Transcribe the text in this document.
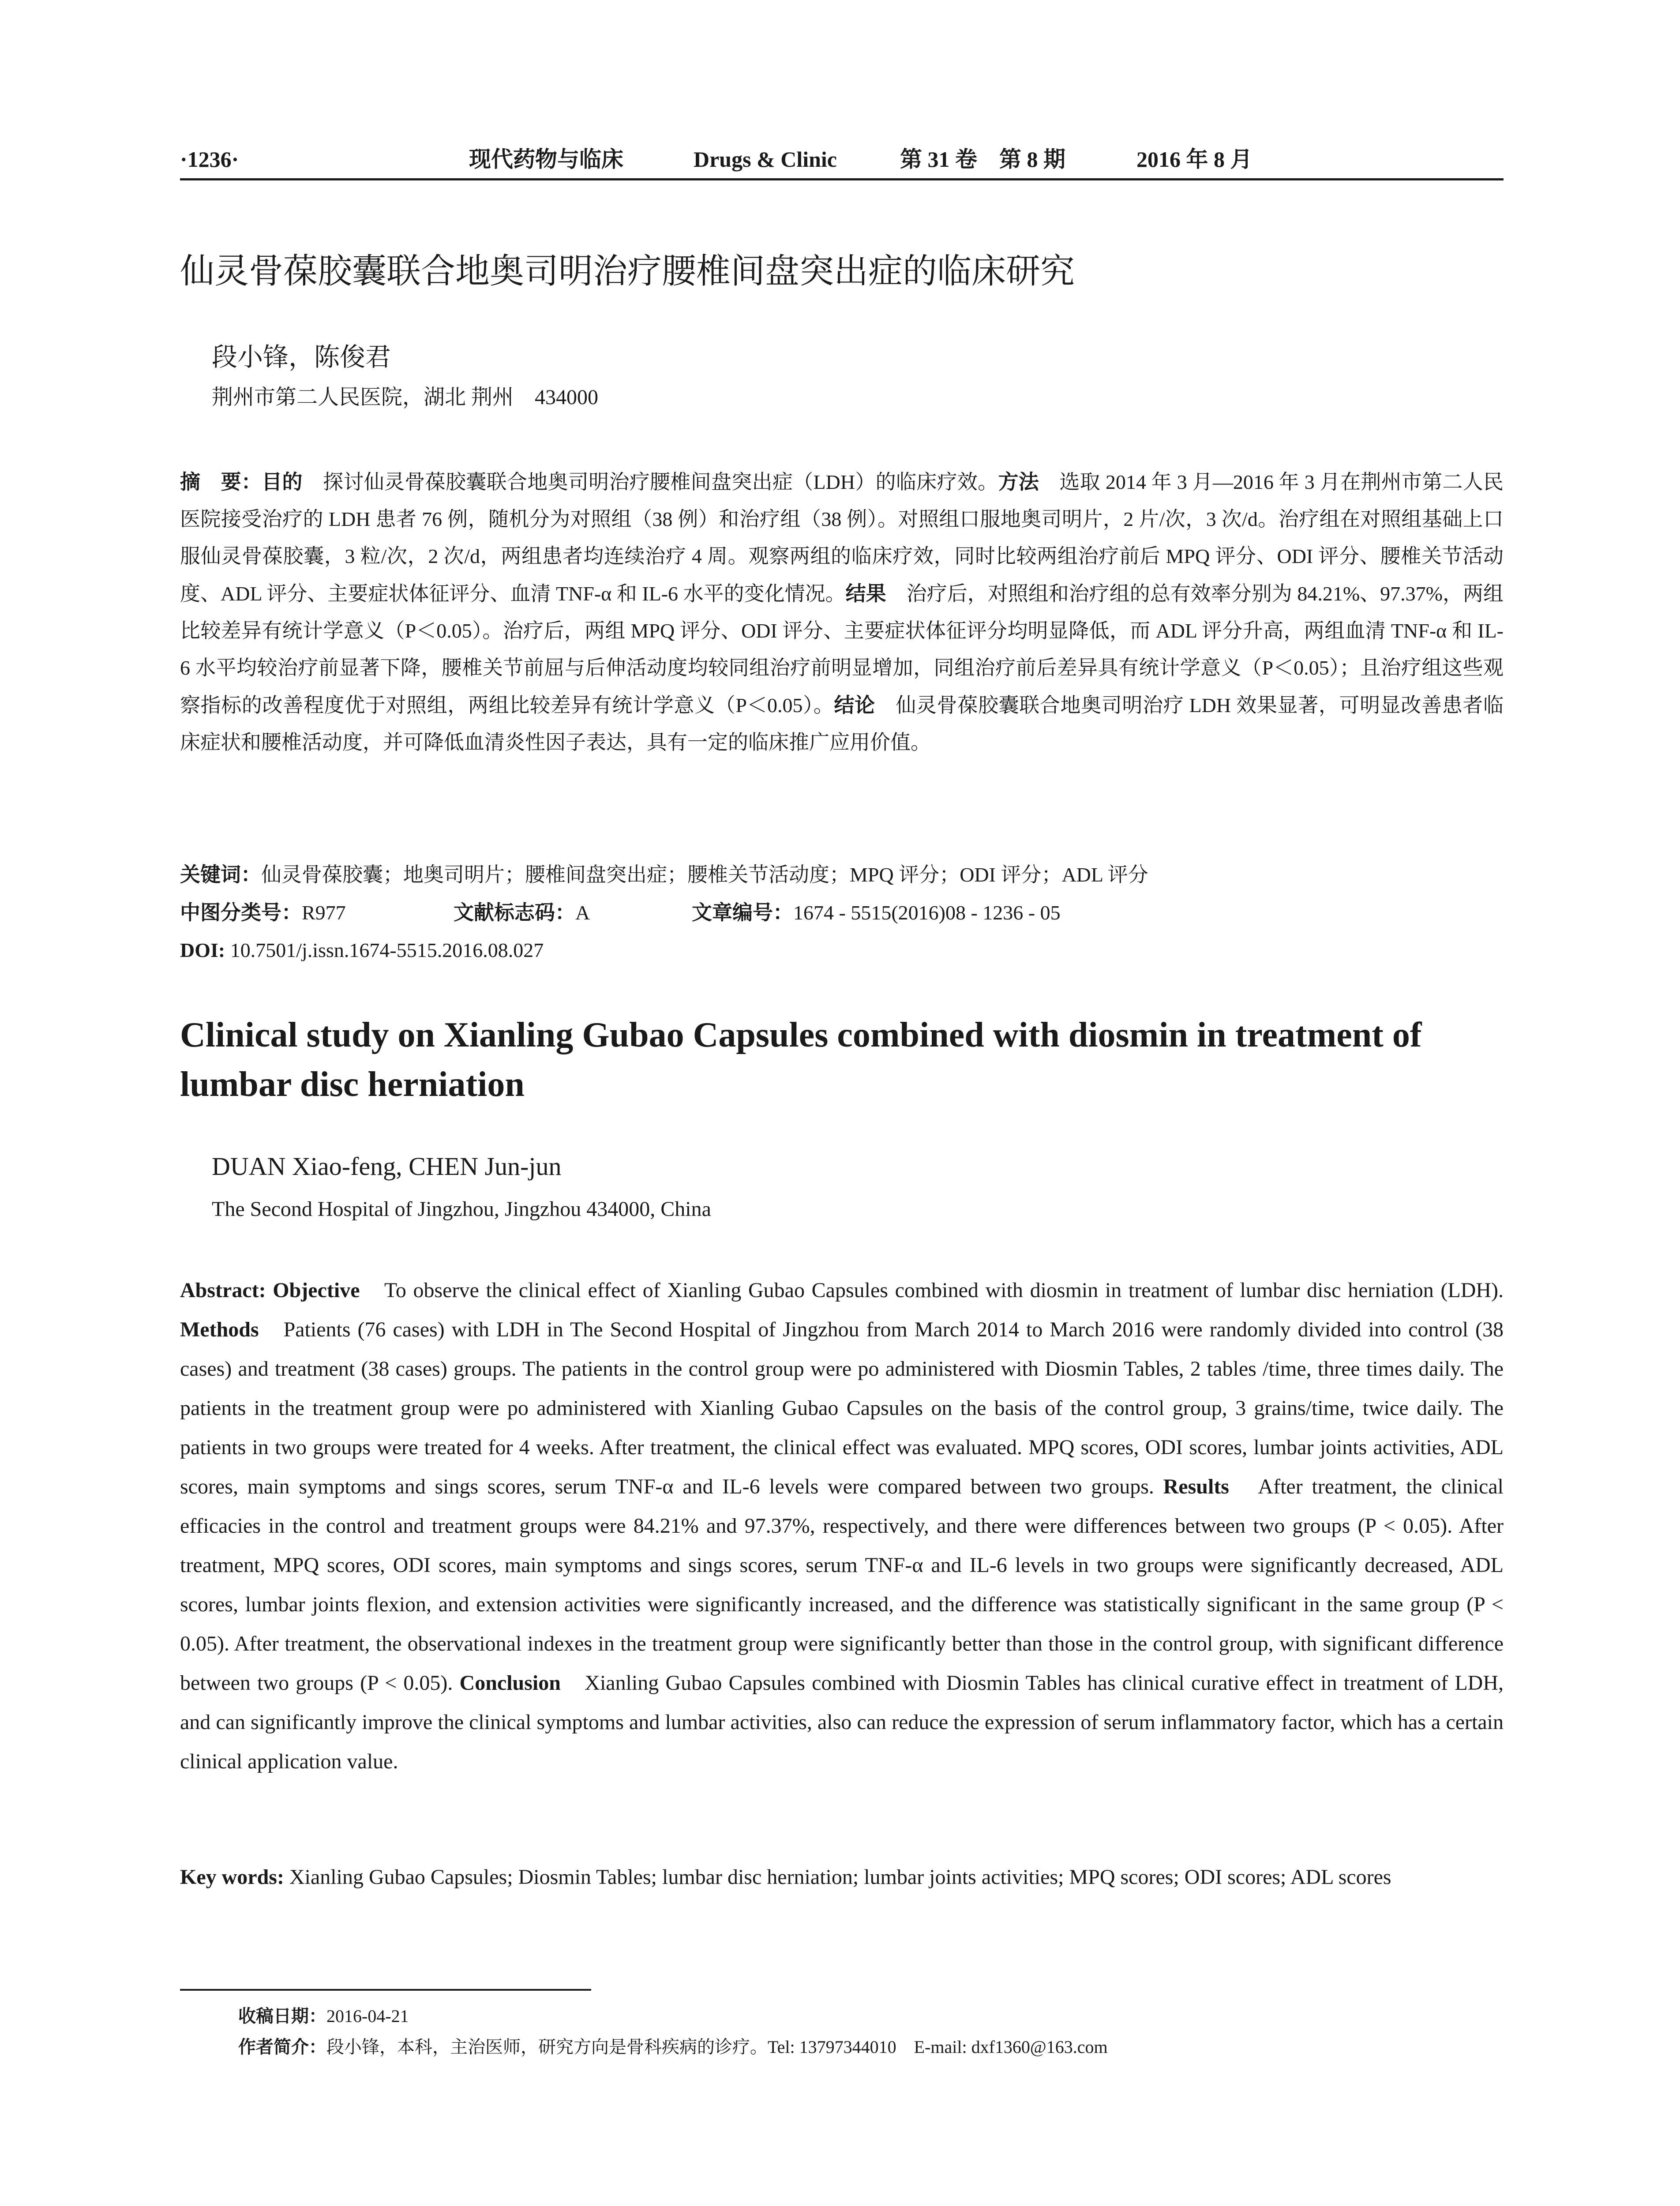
·1236·	现代药物与临床	Drugs & Clinic	第 31 卷　第 8 期	2016 年 8 月
仙灵骨葆胶囊联合地奥司明治疗腰椎间盘突出症的临床研究
段小锋，陈俊君
荆州市第二人民医院，湖北 荆州　434000

摘　要：目的　探讨仙灵骨葆胶囊联合地奥司明治疗腰椎间盘突出症（LDH）的临床疗效。方法　选取 2014 年 3 月—2016 年 3 月在荆州市第二人民医院接受治疗的 LDH 患者 76 例，随机分为对照组（38 例）和治疗组（38 例）。对照组口服地奥司明片，2 片/次，3 次/d。治疗组在对照组基础上口服仙灵骨葆胶囊，3 粒/次，2 次/d，两组患者均连续治疗 4 周。观察两组的临床疗效，同时比较两组治疗前后 MPQ 评分、ODI 评分、腰椎关节活动度、ADL 评分、主要症状体征评分、血清 TNF-α 和 IL-6 水平的变化情况。结果　治疗后，对照组和治疗组的总有效率分别为 84.21%、97.37%，两组比较差异有统计学意义（P＜0.05）。治疗后，两组 MPQ 评分、ODI 评分、主要症状体征评分均明显降低，而 ADL 评分升高，两组血清 TNF-α 和 IL-6 水平均较治疗前显著下降，腰椎关节前屈与后伸活动度均较同组治疗前明显增加，同组治疗前后差异具有统计学意义（P＜0.05）；且治疗组这些观察指标的改善程度优于对照组，两组比较差异有统计学意义（P＜0.05）。结论　仙灵骨葆胶囊联合地奥司明治疗 LDH 效果显著，可明显改善患者临床症状和腰椎活动度，并可降低血清炎性因子表达，具有一定的临床推广应用价值。

关键词：仙灵骨葆胶囊；地奥司明片；腰椎间盘突出症；腰椎关节活动度；MPQ 评分；ODI 评分；ADL 评分

中图分类号：R977	文献标志码：A	文章编号：1674 - 5515(2016)08 - 1236 - 05

DOI: 10.7501/j.issn.1674-5515.2016.08.027

Clinical study on Xianling Gubao Capsules combined with diosmin in treatment of lumbar disc herniation
DUAN Xiao-feng, CHEN Jun-jun
The Second Hospital of Jingzhou, Jingzhou 434000, China

Abstract: Objective　To observe the clinical effect of Xianling Gubao Capsules combined with diosmin in treatment of lumbar disc herniation (LDH). Methods　Patients (76 cases) with LDH in The Second Hospital of Jingzhou from March 2014 to March 2016 were randomly divided into control (38 cases) and treatment (38 cases) groups. The patients in the control group were po administered with Diosmin Tables, 2 tables /time, three times daily. The patients in the treatment group were po administered with Xianling Gubao Capsules on the basis of the control group, 3 grains/time, twice daily. The patients in two groups were treated for 4 weeks. After treatment, the clinical effect was evaluated. MPQ scores, ODI scores, lumbar joints activities, ADL scores, main symptoms and sings scores, serum TNF-α and IL-6 levels were compared between two groups. Results　After treatment, the clinical efficacies in the control and treatment groups were 84.21% and 97.37%, respectively, and there were differences between two groups (P < 0.05). After treatment, MPQ scores, ODI scores, main symptoms and sings scores, serum TNF-α and IL-6 levels in two groups were significantly decreased, ADL scores, lumbar joints flexion, and extension activities were significantly increased, and the difference was statistically significant in the same group (P < 0.05). After treatment, the observational indexes in the treatment group were significantly better than those in the control group, with significant difference between two groups (P < 0.05). Conclusion　Xianling Gubao Capsules combined with Diosmin Tables has clinical curative effect in treatment of LDH, and can significantly improve the clinical symptoms and lumbar activities, also can reduce the expression of serum inflammatory factor, which has a certain clinical application value.

Key words: Xianling Gubao Capsules; Diosmin Tables; lumbar disc herniation; lumbar joints activities; MPQ scores; ODI scores; ADL scores

收稿日期：2016-04-21

作者简介：段小锋，本科，主治医师，研究方向是骨科疾病的诊疗。Tel: 13797344010　E-mail: dxf1360@163.com
